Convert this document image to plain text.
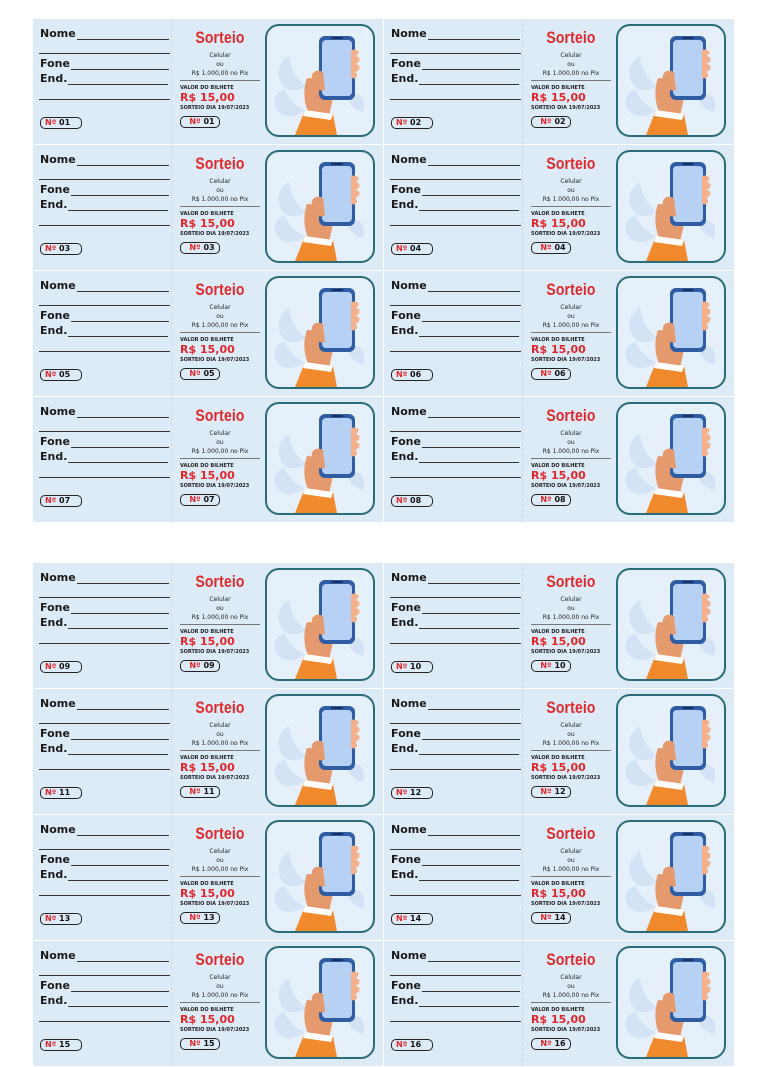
Nome
Fone
End.
Nº 01
Sorteio
Celular
ou
R$ 1.000,00 no Pix
VALOR DO BILHETE
R$ 15,00
SORTEIO DIA 19/07/2023
Nº 01
Nome
Fone
End.
Nº 02
Sorteio
Celular
ou
R$ 1.000,00 no Pix
VALOR DO BILHETE
R$ 15,00
SORTEIO DIA 19/07/2023
Nº 02
Nome
Fone
End.
Nº 03
Sorteio
Celular
ou
R$ 1.000,00 no Pix
VALOR DO BILHETE
R$ 15,00
SORTEIO DIA 19/07/2023
Nº 03
Nome
Fone
End.
Nº 04
Sorteio
Celular
ou
R$ 1.000,00 no Pix
VALOR DO BILHETE
R$ 15,00
SORTEIO DIA 19/07/2023
Nº 04
Nome
Fone
End.
Nº 05
Sorteio
Celular
ou
R$ 1.000,00 no Pix
VALOR DO BILHETE
R$ 15,00
SORTEIO DIA 19/07/2023
Nº 05
Nome
Fone
End.
Nº 06
Sorteio
Celular
ou
R$ 1.000,00 no Pix
VALOR DO BILHETE
R$ 15,00
SORTEIO DIA 19/07/2023
Nº 06
Nome
Fone
End.
Nº 07
Sorteio
Celular
ou
R$ 1.000,00 no Pix
VALOR DO BILHETE
R$ 15,00
SORTEIO DIA 19/07/2023
Nº 07
Nome
Fone
End.
Nº 08
Sorteio
Celular
ou
R$ 1.000,00 no Pix
VALOR DO BILHETE
R$ 15,00
SORTEIO DIA 19/07/2023
Nº 08
Nome
Fone
End.
Nº 09
Sorteio
Celular
ou
R$ 1.000,00 no Pix
VALOR DO BILHETE
R$ 15,00
SORTEIO DIA 19/07/2023
Nº 09
Nome
Fone
End.
Nº 10
Sorteio
Celular
ou
R$ 1.000,00 no Pix
VALOR DO BILHETE
R$ 15,00
SORTEIO DIA 19/07/2023
Nº 10
Nome
Fone
End.
Nº 11
Sorteio
Celular
ou
R$ 1.000,00 no Pix
VALOR DO BILHETE
R$ 15,00
SORTEIO DIA 19/07/2023
Nº 11
Nome
Fone
End.
Nº 12
Sorteio
Celular
ou
R$ 1.000,00 no Pix
VALOR DO BILHETE
R$ 15,00
SORTEIO DIA 19/07/2023
Nº 12
Nome
Fone
End.
Nº 13
Sorteio
Celular
ou
R$ 1.000,00 no Pix
VALOR DO BILHETE
R$ 15,00
SORTEIO DIA 19/07/2023
Nº 13
Nome
Fone
End.
Nº 14
Sorteio
Celular
ou
R$ 1.000,00 no Pix
VALOR DO BILHETE
R$ 15,00
SORTEIO DIA 19/07/2023
Nº 14
Nome
Fone
End.
Nº 15
Sorteio
Celular
ou
R$ 1.000,00 no Pix
VALOR DO BILHETE
R$ 15,00
SORTEIO DIA 19/07/2023
Nº 15
Nome
Fone
End.
Nº 16
Sorteio
Celular
ou
R$ 1.000,00 no Pix
VALOR DO BILHETE
R$ 15,00
SORTEIO DIA 19/07/2023
Nº 16
